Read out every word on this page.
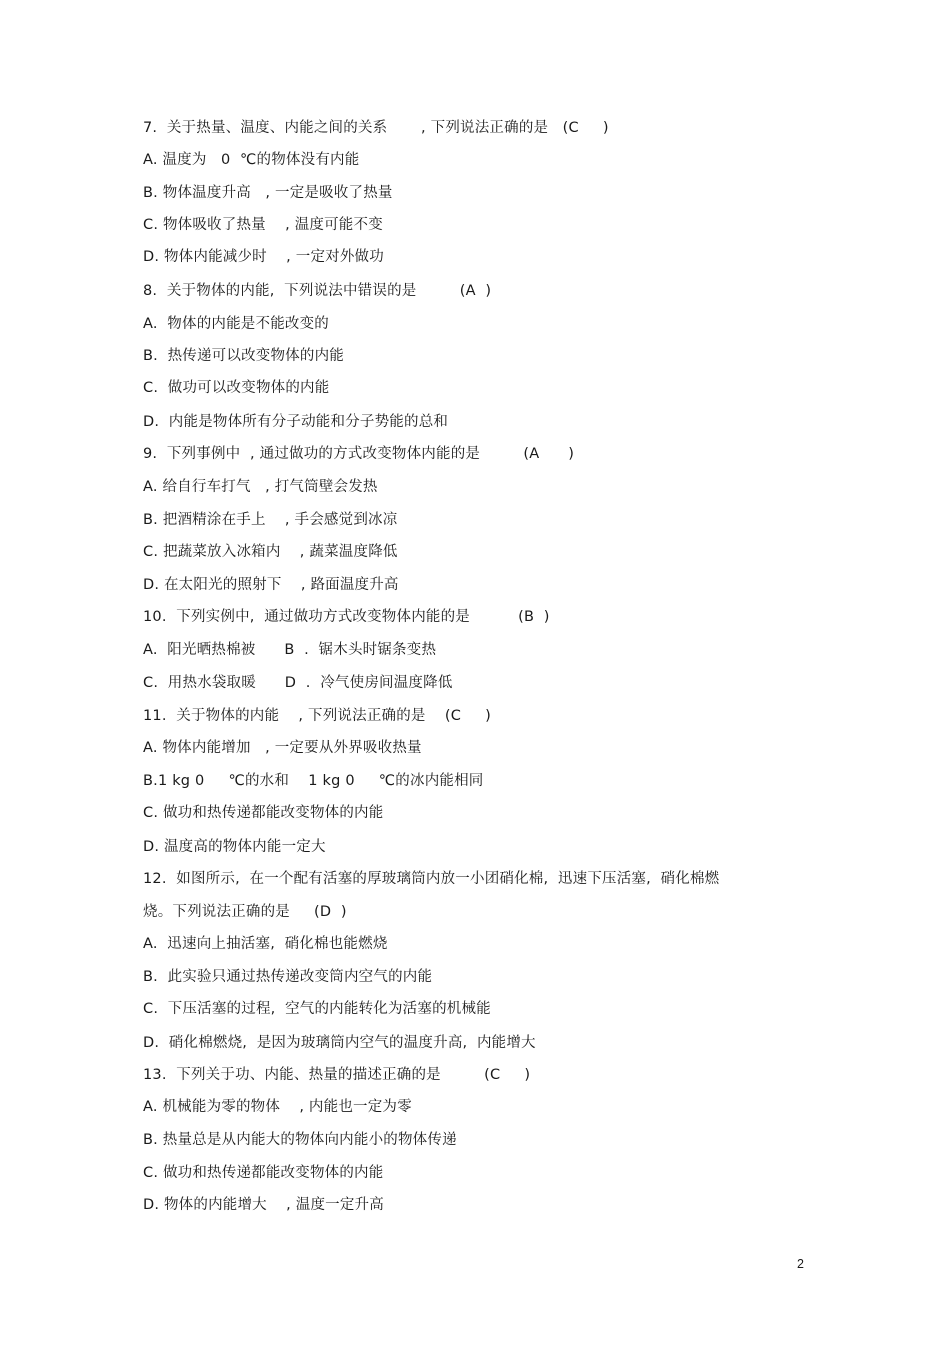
7.  关于热量、温度、内能之间的关系       , 下列说法正确的是   (C     )
A. 温度为   0  ℃的物体没有内能
B. 物体温度升高   , 一定是吸收了热量
C. 物体吸收了热量    , 温度可能不变
D. 物体内能减少时    , 一定对外做功
8.  关于物体的内能,  下列说法中错误的是         (A  )
A.  物体的内能是不能改变的
B.  热传递可以改变物体的内能
C.  做功可以改变物体的内能
D.  内能是物体所有分子动能和分子势能的总和
9.  下列事例中  , 通过做功的方式改变物体内能的是         (A      )
A. 给自行车打气   , 打气筒壁会发热
B. 把酒精涂在手上    , 手会感觉到冰凉
C. 把蔬菜放入冰箱内    , 蔬菜温度降低
D. 在太阳光的照射下    , 路面温度升高
10.  下列实例中,  通过做功方式改变物体内能的是          (B  )
A.  阳光晒热棉被      B  .  锯木头时锯条变热
C.  用热水袋取暖      D  .  冷气使房间温度降低
11.  关于物体的内能    , 下列说法正确的是    (C     )
A. 物体内能增加   , 一定要从外界吸收热量
B.1 kg 0     ℃的水和    1 kg 0     ℃的冰内能相同
C. 做功和热传递都能改变物体的内能
D. 温度高的物体内能一定大
12.  如图所示,  在一个配有活塞的厚玻璃筒内放一小团硝化棉,  迅速下压活塞,  硝化棉燃
烧。下列说法正确的是     (D  )
A.  迅速向上抽活塞,  硝化棉也能燃烧
B.  此实验只通过热传递改变筒内空气的内能
C.  下压活塞的过程,  空气的内能转化为活塞的机械能
D.  硝化棉燃烧,  是因为玻璃筒内空气的温度升高,  内能增大
13.  下列关于功、内能、热量的描述正确的是         (C     )
A. 机械能为零的物体    , 内能也一定为零
B. 热量总是从内能大的物体向内能小的物体传递
C. 做功和热传递都能改变物体的内能
D. 物体的内能增大    , 温度一定升高
2
